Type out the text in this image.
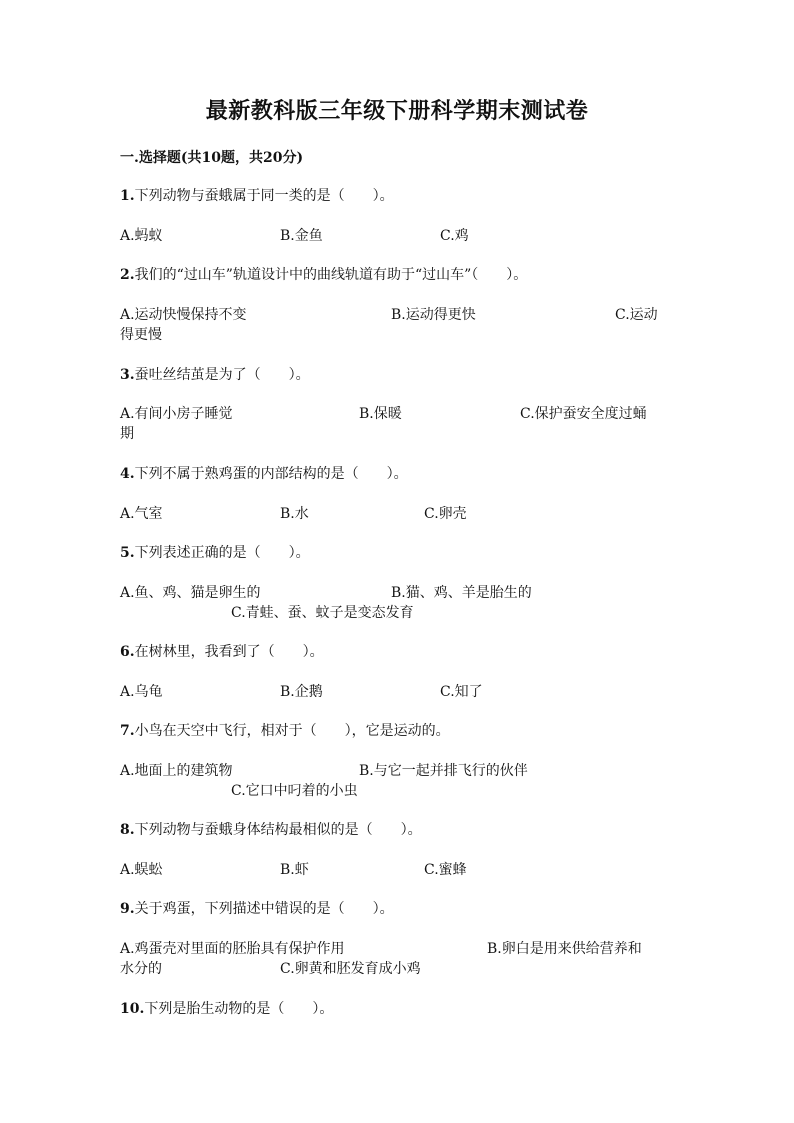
最新教科版三年级下册科学期末测试卷
一.选择题(共10题，共20分)
1.下列动物与蚕蛾属于同一类的是（　　）。
A.蚂蚁	B.金鱼	C.鸡
2.我们的“过山车”轨道设计中的曲线轨道有助于“过山车”（　　）。
A.运动快慢保持不变	B.运动得更快	C.运动
得更慢
3.蚕吐丝结茧是为了（　　）。
A.有间小房子睡觉	B.保暖	C.保护蚕安全度过蛹
期
4.下列不属于熟鸡蛋的内部结构的是（　　）。
A.气室	B.水	C.卵壳
5.下列表述正确的是（　　）。
A.鱼、鸡、猫是卵生的	B.猫、鸡、羊是胎生的
C.青蛙、蚕、蚊子是变态发育
6.在树林里，我看到了（　　）。
A.乌龟	B.企鹅	C.知了
7.小鸟在天空中飞行，相对于（　　），它是运动的。
A.地面上的建筑物	B.与它一起并排飞行的伙伴
C.它口中叼着的小虫
8.下列动物与蚕蛾身体结构最相似的是（　　）。
A.蜈蚣	B.虾	C.蜜蜂
9.关于鸡蛋，下列描述中错误的是（　　）。
A.鸡蛋壳对里面的胚胎具有保护作用	B.卵白是用来供给营养和
水分的	C.卵黄和胚发育成小鸡
10.下列是胎生动物的是（　　）。
